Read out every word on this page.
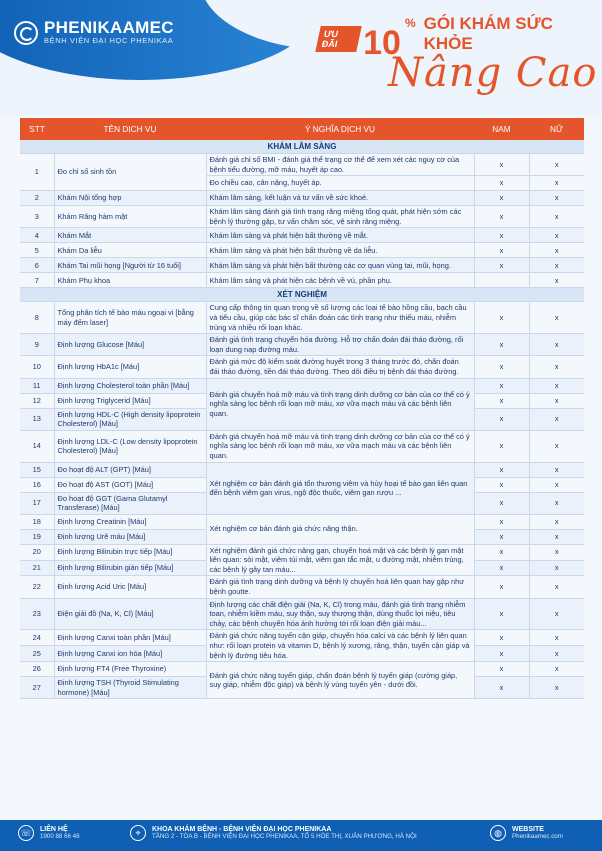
PHENIKAAMEC
BỆNH VIỆN ĐẠI HỌC PHENIKAA
ƯU ĐÃI 10
% GÓI KHÁM SỨC KHỎE
Nâng Cao
STT	TÊN DỊCH VỤ	Ý NGHĨA DỊCH VỤ	NAM	NỮ
KHÁM LÂM SÀNG				
1	Đo chỉ số sinh tồn	Đánh giá chỉ số BMI - đánh giá thể trạng cơ thể để xem xét các nguy cơ của bệnh tiểu đường, mỡ máu, huyết áp cao.	x	x
		Đo chiều cao, cân nặng, huyết áp.	x	x
2	Khám Nội tổng hợp	Khám lâm sàng, kết luận và tư vấn về sức khoẻ.	x	x
3	Khám Răng hàm mặt	Khám lâm sàng đánh giá tình trạng răng miệng tổng quát, phát hiện sớm các bệnh lý thường gặp, tư vấn chăm sóc, vệ sinh răng miệng.	x	x
4	Khám Mắt	Khám lâm sàng và phát hiện bất thường về mắt.	x	x
5	Khám Da liễu	Khám lâm sàng và phát hiện bất thường về da liễu.	x	x
6	Khám Tai mũi họng [Người từ 16 tuổi]	Khám lâm sàng và phát hiện bất thường các cơ quan vùng tai, mũi, họng.	x	x
7	Khám Phụ khoa	Khám lâm sàng và phát hiện các bệnh về vú, phần phụ.		x
XÉT NGHIỆM				
8	Tổng phân tích tế bào máu ngoại vi [bằng máy đếm laser]	Cung cấp thông tin quan trọng về số lượng các loại tế bào hồng cầu, bạch cầu và tiểu cầu, giúp các bác sĩ chẩn đoán các tình trạng như thiếu máu, nhiễm trùng và nhiều rối loạn khác.	x	x
9	Định lượng Glucose [Máu]	Đánh giá tình trạng chuyển hóa đường. Hỗ trợ chẩn đoán đái tháo đường, rối loạn dung nạp đường máu.	x	x
10	Định lượng HbA1c [Máu]	Đánh giá mức độ kiểm soát đường huyết trong 3 tháng trước đó, chẩn đoán đái tháo đường, tiền đái tháo đường. Theo dõi điều trị bệnh đái tháo đường.	x	x
11	Định lượng Cholesterol toàn phần [Máu]	Đánh giá chuyển hoá mỡ máu và tình trạng dinh dưỡng cơ bản của cơ thể có ý nghĩa sàng lọc bệnh rối loạn mỡ máu, xơ vữa mạch máu và các bệnh liên quan.	x	x
12	Định lượng Triglycerid [Máu]		x	x
13	Định lượng HDL-C (High density lipoprotein Cholesterol) [Máu]		x	x
14	Định lượng LDL-C (Low density lipoprotein Cholesterol) [Máu]	Đánh giá chuyển hoá mỡ máu và tình trạng dinh dưỡng cơ bản của cơ thể có ý nghĩa sàng lọc bệnh rối loạn mỡ máu, xơ vữa mạch máu và các bệnh liên quan.	x	x
15	Đo hoạt độ ALT (GPT) [Máu]	Xét nghiệm cơ bản đánh giá tổn thương viêm và hủy hoại tế bào gan liên quan đến bệnh viêm gan virus, ngộ độc thuốc, viêm gan rượu ...	x	x
16	Đo hoạt độ AST (GOT) [Máu]		x	x
17	Đo hoạt độ GGT (Gama Glutamyl Transferase) [Máu]		x	x
18	Định lượng Creatinin [Máu]	Xét nghiệm cơ bản đánh giá chức năng thận.	x	x
19	Định lượng Urê máu [Máu]		x	x
20	Định lượng Bilirubin trực tiếp [Máu]	Xét nghiệm đánh giá chức năng gan, chuyển hoá mật và các bệnh lý gan mật liên quan: sỏi mật, viêm túi mật, viêm gan tắc mật, u đường mật, nhiễm trùng, các bệnh lý gây tan máu...	x	x
21	Định lượng Bilirubin gián tiếp [Máu]		x	x
22	Định lượng Acid Uric [Máu]	Đánh giá tình trạng dinh dưỡng và bệnh lý chuyển hoá liên quan hay gặp như bệnh goutte.	x	x
23	Điện giải đồ (Na, K, Cl) [Máu]	Định lượng các chất điện giải (Na, K, Cl) trong máu, đánh giá tình trạng nhiễm toan, nhiễm kiềm máu, suy thận, suy thượng thận, dùng thuốc lợi niệu, tiêu chảy, các bệnh chuyển hóa ảnh hưởng tới rối loạn điện giải máu...	x	x
24	Định lượng Canxi toàn phần [Máu]	Đánh giá chức năng tuyến cận giáp, chuyển hóa calci và các bệnh lý liên quan như: rối loạn protein và vitamin D, bệnh lý xương, răng, thận, tuyến cận giáp và bệnh lý đường tiêu hóa.	x	x
25	Định lượng Canxi ion hóa [Máu]		x	x
26	Định lượng FT4 (Free Thyroxine)	Đánh giá chức năng tuyến giáp, chẩn đoán bệnh lý tuyến giáp (cường giáp, suy giáp, nhiễm độc giáp) và bệnh lý vùng tuyến yên - dưới đồi.	x	x
27	Định lượng TSH (Thyroid Stimulating hormone) [Máu]		x	x
☏	LIÊN HỆ
1900 88 66 48	⌖	KHOA KHÁM BỆNH - BỆNH VIỆN ĐẠI HỌC PHENIKAA
TẦNG 2 - TÒA B - BỆNH VIỆN ĐẠI HỌC PHENIKAA, TỔ 5 HÒE THỊ, XUÂN PHƯƠNG, HÀ NỘI	◍	WEBSITE
Phenikaamec.com
